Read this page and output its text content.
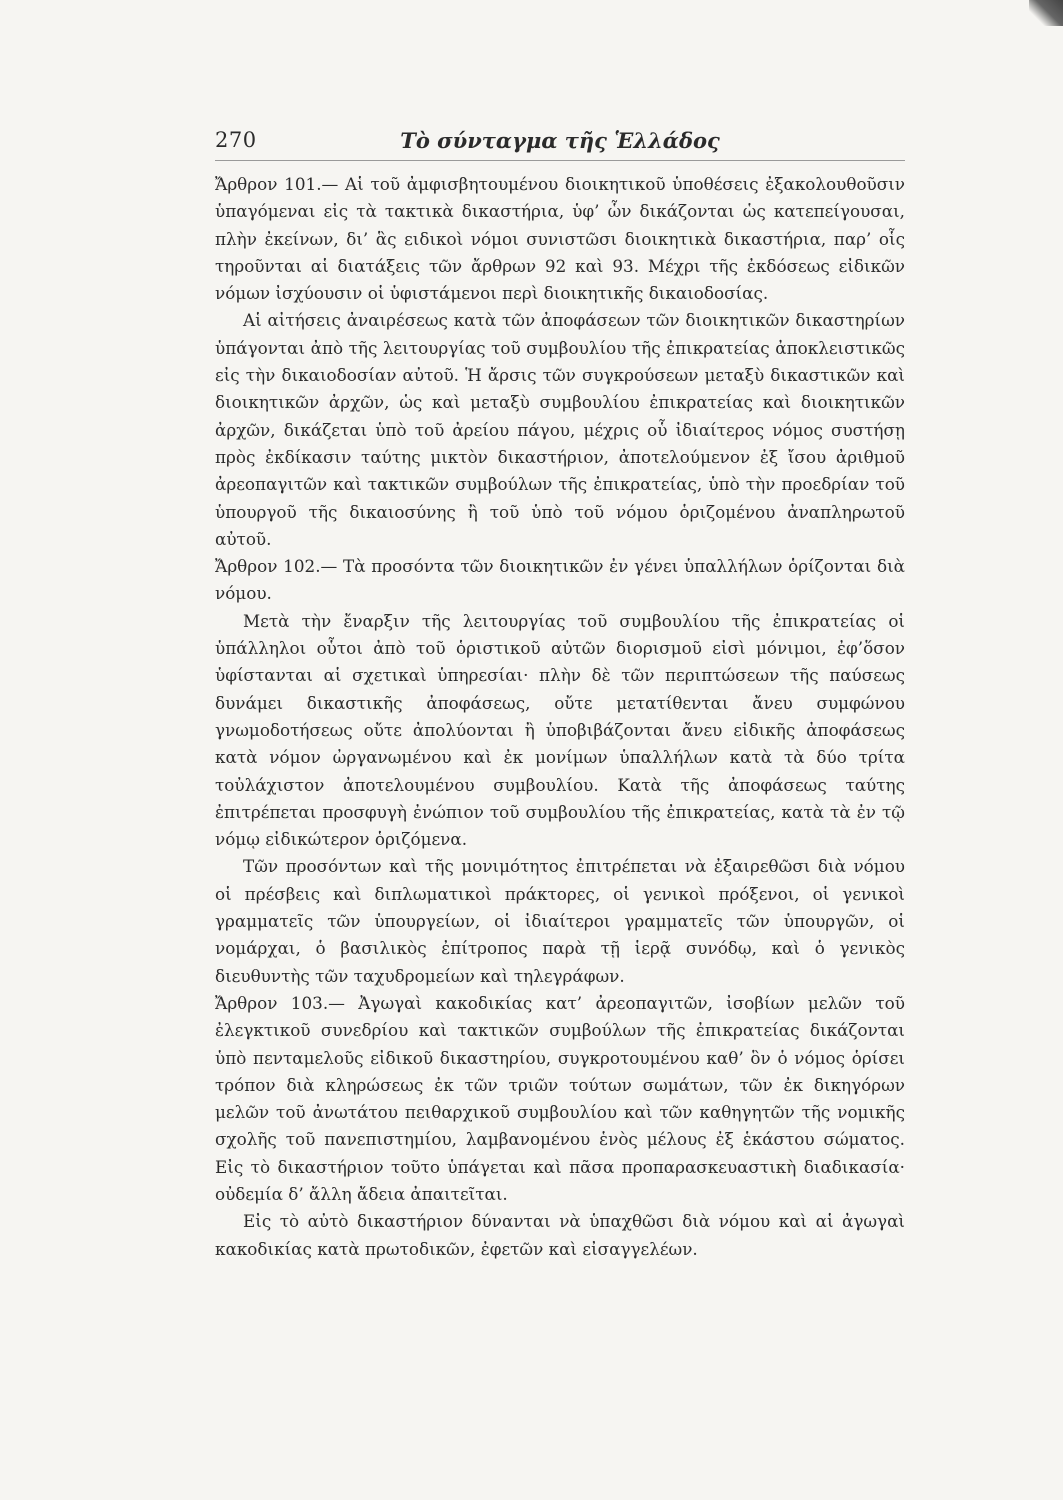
270	Τὸ σύνταγμα τῆς Ἑλλάδος

Ἄρθρον 101.— Αἱ τοῦ ἀμφισβητουμένου διοικητικοῦ ὑποθέσεις ἐξακολουθοῦσιν ὑπαγόμεναι εἰς τὰ τακτικὰ δικαστήρια, ὑφ’ ὧν δικάζονται ὡς κατεπείγουσαι, πλὴν ἐκείνων, δι’ ἃς ειδικοὶ νόμοι συνιστῶσι διοικητικὰ δικαστήρια, παρ’ οἷς τηροῦνται αἱ διατάξεις τῶν ἄρθρων 92 καὶ 93. Μέχρι τῆς ἐκδόσεως εἰδικῶν νόμων ἰσχύουσιν οἱ ὑφιστάμενοι περὶ διοικητικῆς δικαιοδοσίας.

Αἱ αἰτήσεις ἀναιρέσεως κατὰ τῶν ἀποφάσεων τῶν διοικητικῶν δικαστηρίων ὑπάγονται ἀπὸ τῆς λειτουργίας τοῦ συμβουλίου τῆς ἐπικρατείας ἀποκλειστικῶς εἰς τὴν δικαιοδοσίαν αὐτοῦ. Ἡ ἄρσις τῶν συγκρούσεων μεταξὺ δικαστικῶν καὶ διοικητικῶν ἀρχῶν, ὡς καὶ μεταξὺ συμβουλίου ἐπικρατείας καὶ διοικητικῶν ἀρχῶν, δικάζεται ὑπὸ τοῦ ἀρείου πάγου, μέχρις οὗ ἰδιαίτερος νόμος συστήσῃ πρὸς ἐκδίκασιν ταύτης μικτὸν δικαστήριον, ἀποτελούμενον ἐξ ἴσου ἀριθμοῦ ἀρεοπαγιτῶν καὶ τακτικῶν συμβούλων τῆς ἐπικρατείας, ὑπὸ τὴν προεδρίαν τοῦ ὑπουργοῦ τῆς δικαιοσύνης ἢ τοῦ ὑπὸ τοῦ νόμου ὁριζομένου ἀναπληρωτοῦ αὐτοῦ.

Ἄρθρον 102.— Τὰ προσόντα τῶν διοικητικῶν ἐν γένει ὑπαλλήλων ὁρίζονται διὰ νόμου.

Μετὰ τὴν ἔναρξιν τῆς λειτουργίας τοῦ συμβουλίου τῆς ἐπικρατείας οἱ ὑπάλληλοι οὗτοι ἀπὸ τοῦ ὁριστικοῦ αὐτῶν διορισμοῦ εἰσὶ μόνιμοι, ἐφ’ὅσον ὑφίστανται αἱ σχετικαὶ ὑπηρεσίαι· πλὴν δὲ τῶν περιπτώσεων τῆς παύσεως δυνάμει δικαστικῆς ἀποφάσεως, οὔτε μετατίθενται ἄνευ συμφώνου γνωμοδοτήσεως οὔτε ἀπολύονται ἢ ὑποβιβάζονται ἄνευ εἰδικῆς ἀποφάσεως κατὰ νόμον ὠργανωμένου καὶ ἐκ μονίμων ὑπαλλήλων κατὰ τὰ δύο τρίτα τοὐλάχιστον ἀποτελουμένου συμβουλίου. Κατὰ τῆς ἀποφάσεως ταύτης ἐπιτρέπεται προσφυγὴ ἐνώπιον τοῦ συμβουλίου τῆς ἐπικρατείας, κατὰ τὰ ἐν τῷ νόμῳ εἰδικώτερον ὁριζόμενα.

Τῶν προσόντων καὶ τῆς μονιμότητος ἐπιτρέπεται νὰ ἐξαιρεθῶσι διὰ νόμου οἱ πρέσβεις καὶ διπλωματικοὶ πράκτορες, οἱ γενικοὶ πρόξενοι, οἱ γενικοὶ γραμματεῖς τῶν ὑπουργείων, οἱ ἰδιαίτεροι γραμματεῖς τῶν ὑπουργῶν, οἱ νομάρχαι, ὁ βασιλικὸς ἐπίτροπος παρὰ τῇ ἱερᾷ συνόδῳ, καὶ ὁ γενικὸς διευθυντὴς τῶν ταχυδρομείων καὶ τηλεγράφων.

Ἄρθρον 103.— Ἀγωγαὶ κακοδικίας κατ’ ἀρεοπαγιτῶν, ἰσοβίων μελῶν τοῦ ἐλεγκτικοῦ συνεδρίου καὶ τακτικῶν συμβούλων τῆς ἐπικρατείας δικάζονται ὑπὸ πενταμελοῦς εἰδικοῦ δικαστηρίου, συγκροτουμένου καθ’ ὃν ὁ νόμος ὁρίσει τρόπον διὰ κληρώσεως ἐκ τῶν τριῶν τούτων σωμάτων, τῶν ἐκ δικηγόρων μελῶν τοῦ ἀνωτάτου πειθαρχικοῦ συμβουλίου καὶ τῶν καθηγητῶν τῆς νομικῆς σχολῆς τοῦ πανεπιστημίου, λαμβανομένου ἑνὸς μέλους ἐξ ἑκάστου σώματος. Εἰς τὸ δικαστήριον τοῦτο ὑπάγεται καὶ πᾶσα προπαρασκευαστικὴ διαδικασία· οὐδεμία δ’ ἄλλη ἄδεια ἀπαιτεῖται.

Εἰς τὸ αὐτὸ δικαστήριον δύνανται νὰ ὑπαχθῶσι διὰ νόμου καὶ αἱ ἀγωγαὶ κακοδικίας κατὰ πρωτοδικῶν, ἐφετῶν καὶ εἰσαγγελέων.
